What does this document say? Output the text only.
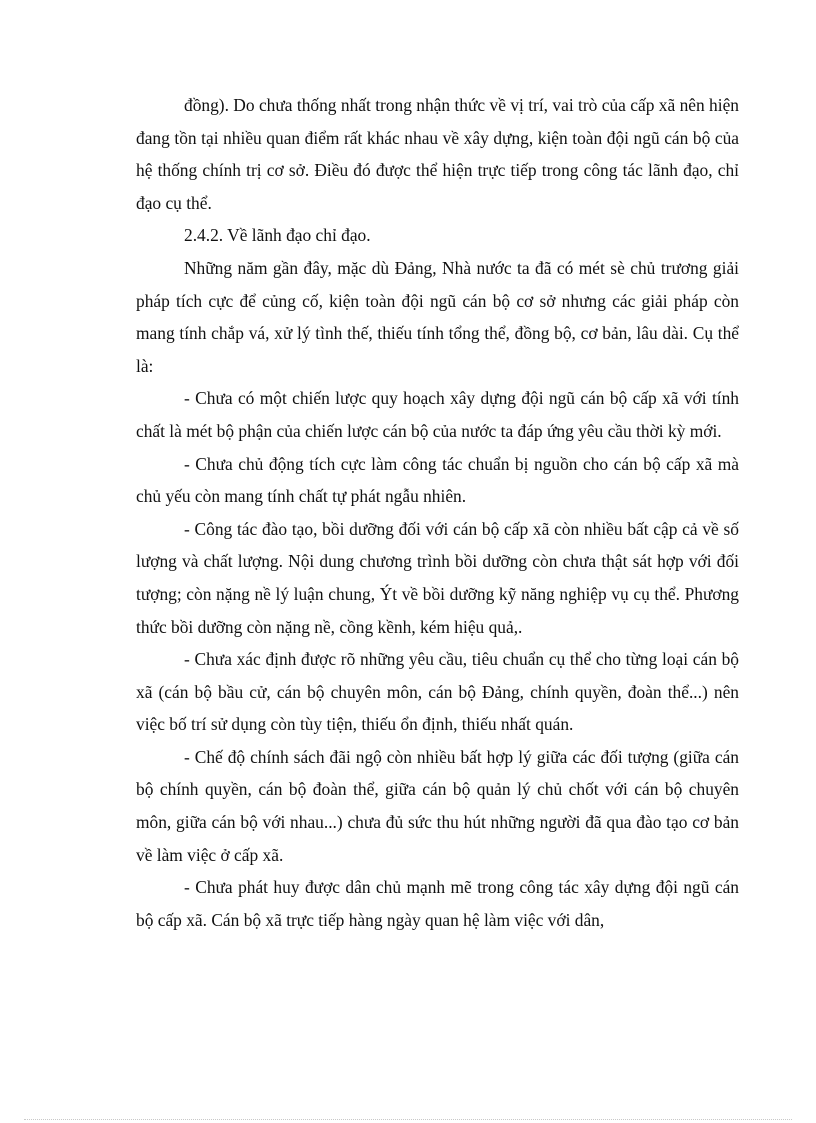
đồng). Do chưa thống nhất trong nhận thức về vị trí, vai trò của cấp xã nên hiện đang tồn tại nhiều quan điểm rất khác nhau về xây dựng, kiện toàn đội ngũ cán bộ của hệ thống chính trị cơ sở. Điều đó được thể hiện trực tiếp trong công tác lãnh đạo, chỉ đạo cụ thể.

2.4.2. Về lãnh đạo chỉ đạo.

Những năm gần đây, mặc dù Đảng, Nhà nước ta đã có mét sè chủ trương giải pháp tích cực để củng cố, kiện toàn đội ngũ cán bộ cơ sở nhưng các giải pháp còn mang tính chắp vá, xử lý tình thế, thiếu tính tổng thể, đồng bộ, cơ bản, lâu dài. Cụ thể là:

- Chưa có một chiến lược quy hoạch xây dựng đội ngũ cán bộ cấp xã với tính chất là mét bộ phận của chiến lược cán bộ của nước ta đáp ứng yêu cầu thời kỳ mới.

- Chưa chủ động tích cực làm công tác chuẩn bị nguồn cho cán bộ cấp xã mà chủ yếu còn mang tính chất tự phát ngẫu nhiên.

- Công tác đào tạo, bồi dưỡng đối với cán bộ cấp xã còn nhiều bất cập cả về số lượng và chất lượng. Nội dung chương trình bồi dưỡng còn chưa thật sát hợp với đối tượng; còn nặng nề lý luận chung, Ýt về bồi dưỡng kỹ năng nghiệp vụ cụ thể. Phương thức bồi dưỡng còn nặng nề, cồng kềnh, kém hiệu quả,.

- Chưa xác định được rõ những yêu cầu, tiêu chuẩn cụ thể cho từng loại cán bộ xã (cán bộ bầu cử, cán bộ chuyên môn, cán bộ Đảng, chính quyền, đoàn thể...) nên việc bố trí sử dụng còn tùy tiện, thiếu ổn định, thiếu nhất quán.

- Chế độ chính sách đãi ngộ còn nhiều bất hợp lý giữa các đối tượng (giữa cán bộ chính quyền, cán bộ đoàn thể, giữa cán bộ quản lý chủ chốt với cán bộ chuyên môn, giữa cán bộ với nhau...) chưa đủ sức thu hút những người đã qua đào tạo cơ bản về làm việc ở cấp xã.

- Chưa phát huy được dân chủ mạnh mẽ trong công tác xây dựng đội ngũ cán bộ cấp xã. Cán bộ xã trực tiếp hàng ngày quan hệ làm việc với dân,
